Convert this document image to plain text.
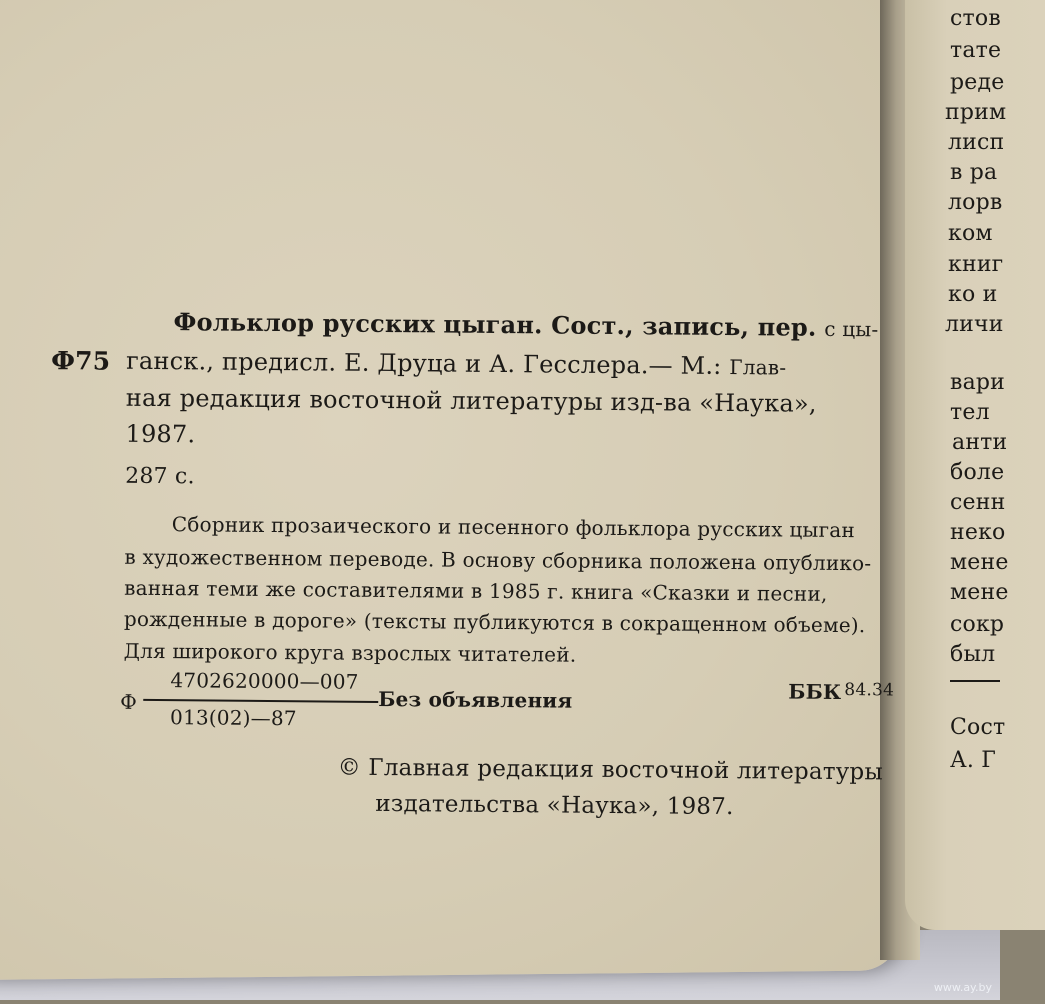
Фольклор русских цыган. Сост., запись, пер. с цы-
Ф75 ганск., предисл. Е. Друца и А. Гесслера.— М.: Глав-
ная редакция восточной литературы изд-ва «Наука»,
1987.
287 с.
Сборник прозаического и песенного фольклора русских цыган
в художественном переводе. В основу сборника положена опублико-
ванная теми же составителями в 1985 г. книга «Сказки и песни,
рожденные в дороге» (тексты публикуются в сокращенном объеме).
Для широкого круга взрослых читателей.
Ф
4702620000—007
013(02)—87
Без объявления	ББК 84.34
© Главная редакция восточной литературы
издательства «Наука», 1987.
стов
тате
реде
прим
лисп
в ра
лорв
ком
книг
ко и
личи
вари
тел
анти
боле
сенн
неко
мене
мене
сокр
был
Сост
А. Г
www.ay.by
